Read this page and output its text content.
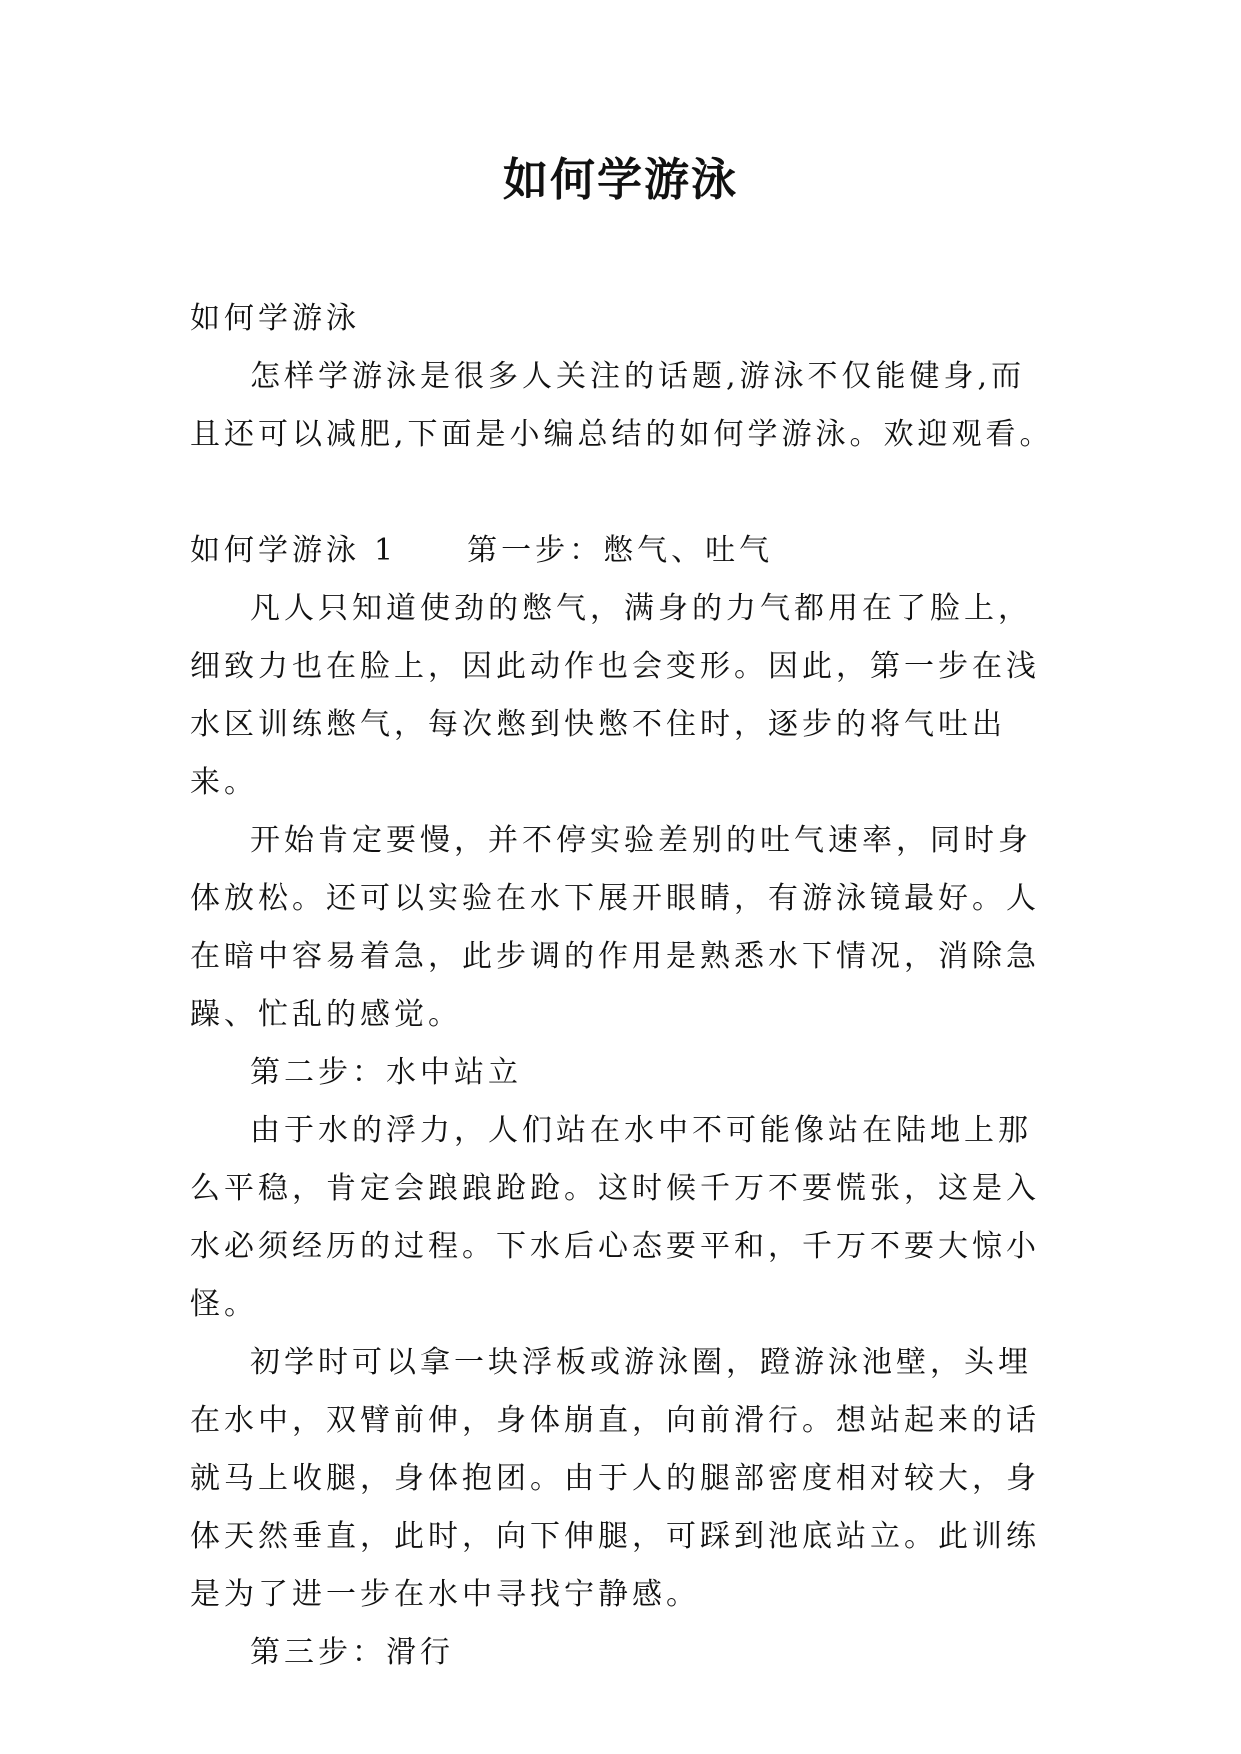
如何学游泳

如何学游泳

怎样学游泳是很多人关注的话题,游泳不仅能健身,而且还可以减肥,下面是小编总结的如何学游泳。欢迎观看。

如何学游泳 1 第一步：憋气、吐气

凡人只知道使劲的憋气，满身的力气都用在了脸上，细致力也在脸上，因此动作也会变形。因此，第一步在浅水区训练憋气，每次憋到快憋不住时，逐步的将气吐出来。

开始肯定要慢，并不停实验差别的吐气速率，同时身体放松。还可以实验在水下展开眼睛，有游泳镜最好。人在暗中容易着急，此步调的作用是熟悉水下情况，消除急躁、忙乱的感觉。

第二步：水中站立

由于水的浮力，人们站在水中不可能像站在陆地上那么平稳，肯定会踉踉跄跄。这时候千万不要慌张，这是入水必须经历的过程。下水后心态要平和，千万不要大惊小怪。

初学时可以拿一块浮板或游泳圈，蹬游泳池壁，头埋在水中，双臂前伸，身体崩直，向前滑行。想站起来的话就马上收腿，身体抱团。由于人的腿部密度相对较大，身体天然垂直，此时，向下伸腿，可踩到池底站立。此训练是为了进一步在水中寻找宁静感。

第三步：滑行
